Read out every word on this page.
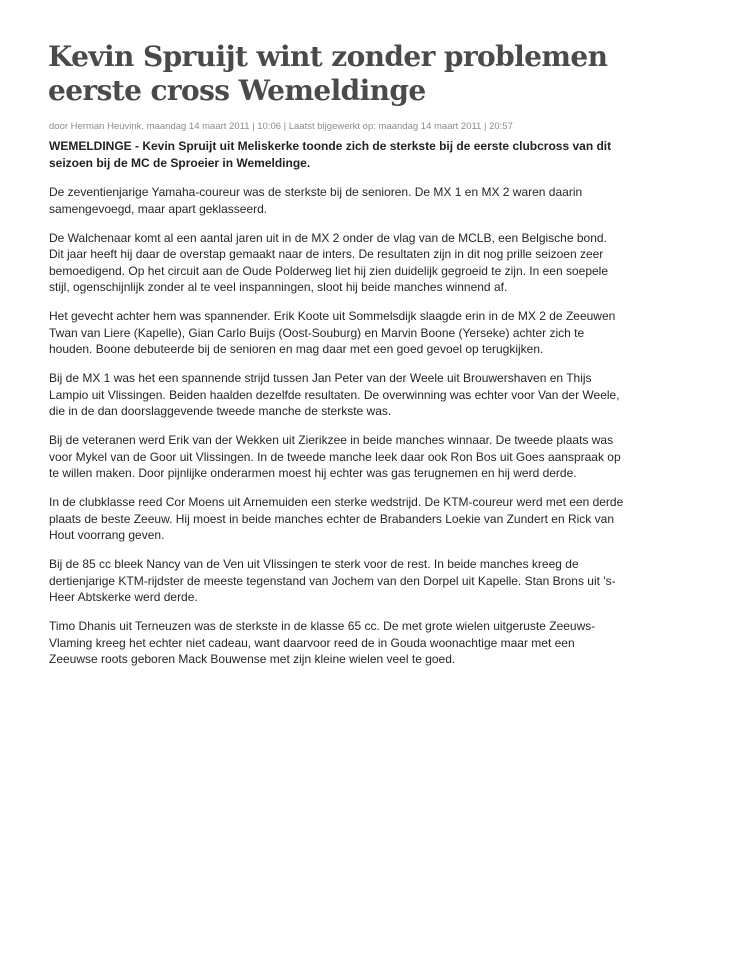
Kevin Spruijt wint zonder problemen
eerste cross Wemeldinge
door Herman Heuvink. maandag 14 maart 2011 | 10:06 | Laatst bijgewerkt op: maandag 14 maart 2011 | 20:57
WEMELDINGE - Kevin Spruijt uit Meliskerke toonde zich de sterkste bij de eerste clubcross van dit
seizoen bij de MC de Sproeier in Wemeldinge.

De zeventienjarige Yamaha-coureur was de sterkste bij de senioren. De MX 1 en MX 2 waren daarin
samengevoegd, maar apart geklasseerd.

De Walchenaar komt al een aantal jaren uit in de MX 2 onder de vlag van de MCLB, een Belgische bond.
Dit jaar heeft hij daar de overstap gemaakt naar de inters. De resultaten zijn in dit nog prille seizoen zeer
bemoedigend. Op het circuit aan de Oude Polderweg liet hij zien duidelijk gegroeid te zijn. In een soepele
stijl, ogenschijnlijk zonder al te veel inspanningen, sloot hij beide manches winnend af.

Het gevecht achter hem was spannender. Erik Koote uit Sommelsdijk slaagde erin in de MX 2 de Zeeuwen
Twan van Liere (Kapelle), Gian Carlo Buijs (Oost-Souburg) en Marvin Boone (Yerseke) achter zich te
houden. Boone debuteerde bij de senioren en mag daar met een goed gevoel op terugkijken.

Bij de MX 1 was het een spannende strijd tussen Jan Peter van der Weele uit Brouwershaven en Thijs
Lampio uit Vlissingen. Beiden haalden dezelfde resultaten. De overwinning was echter voor Van der Weele,
die in de dan doorslaggevende tweede manche de sterkste was.

Bij de veteranen werd Erik van der Wekken uit Zierikzee in beide manches winnaar. De tweede plaats was
voor Mykel van de Goor uit Vlissingen. In de tweede manche leek daar ook Ron Bos uit Goes aanspraak op
te willen maken. Door pijnlijke onderarmen moest hij echter was gas terugnemen en hij werd derde.

In de clubklasse reed Cor Moens uit Arnemuiden een sterke wedstrijd. De KTM-coureur werd met een derde
plaats de beste Zeeuw. Hij moest in beide manches echter de Brabanders Loekie van Zundert en Rick van
Hout voorrang geven.

Bij de 85 cc bleek Nancy van de Ven uit Vlissingen te sterk voor de rest. In beide manches kreeg de
dertienjarige KTM-rijdster de meeste tegenstand van Jochem van den Dorpel uit Kapelle. Stan Brons uit 's-
Heer Abtskerke werd derde.

Timo Dhanis uit Terneuzen was de sterkste in de klasse 65 cc. De met grote wielen uitgeruste Zeeuws-
Vlaming kreeg het echter niet cadeau, want daarvoor reed de in Gouda woonachtige maar met een
Zeeuwse roots geboren Mack Bouwense met zijn kleine wielen veel te goed.
